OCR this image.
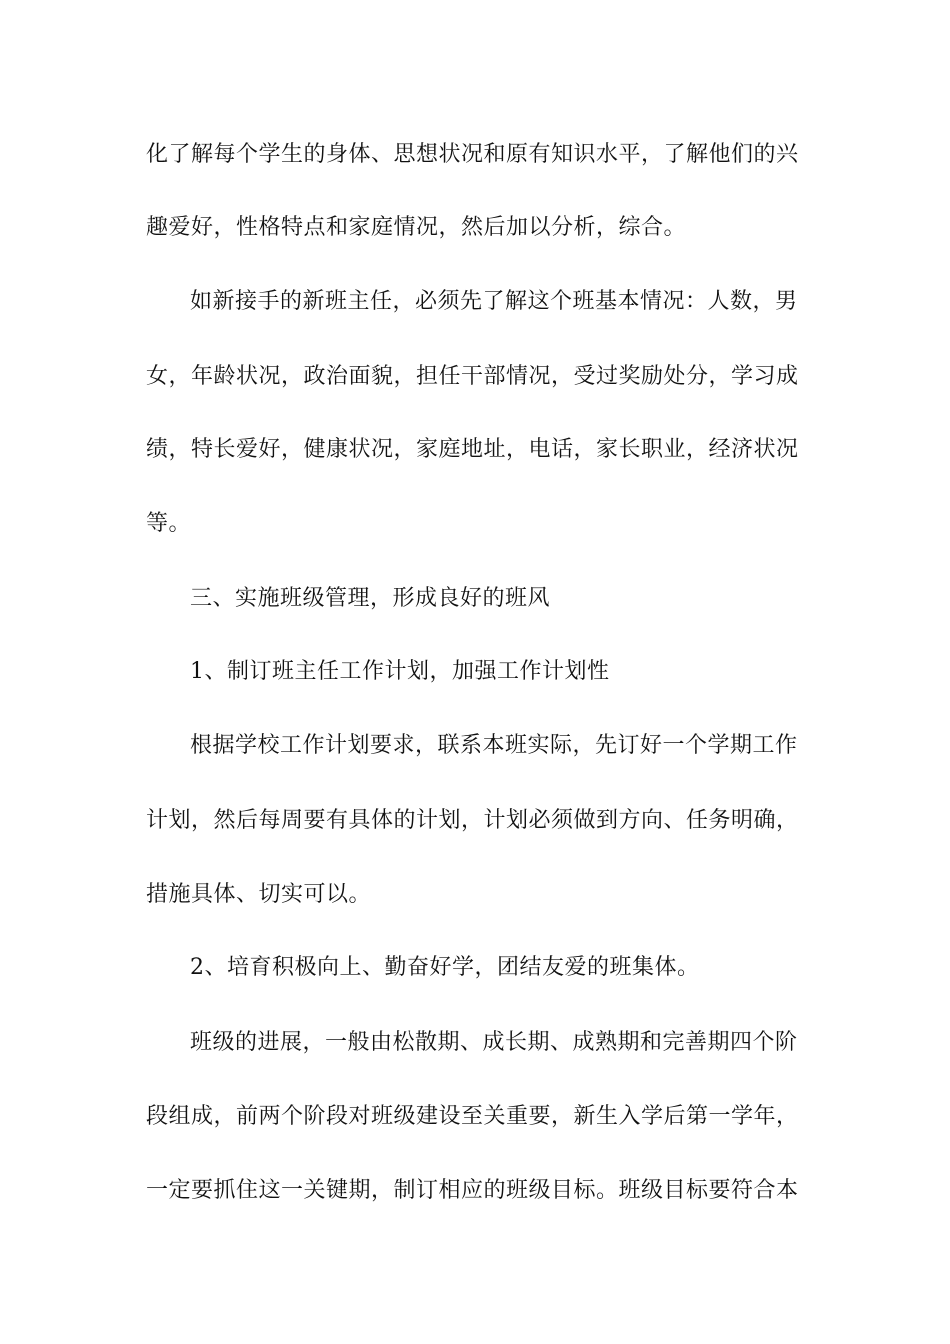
化了解每个学生的身体、思想状况和原有知识水平，了解他们的兴
趣爱好，性格特点和家庭情况，然后加以分析，综合。
如新接手的新班主任，必须先了解这个班基本情况：人数，男
女，年龄状况，政治面貌，担任干部情况，受过奖励处分，学习成
绩，特长爱好，健康状况，家庭地址，电话，家长职业，经济状况
等。
三、实施班级管理，形成良好的班风
1、制订班主任工作计划，加强工作计划性
根据学校工作计划要求，联系本班实际，先订好一个学期工作
计划，然后每周要有具体的计划，计划必须做到方向、任务明确，
措施具体、切实可以。
2、培育积极向上、勤奋好学，团结友爱的班集体。
班级的进展，一般由松散期、成长期、成熟期和完善期四个阶
段组成，前两个阶段对班级建设至关重要，新生入学后第一学年，
一定要抓住这一关键期，制订相应的班级目标。班级目标要符合本
